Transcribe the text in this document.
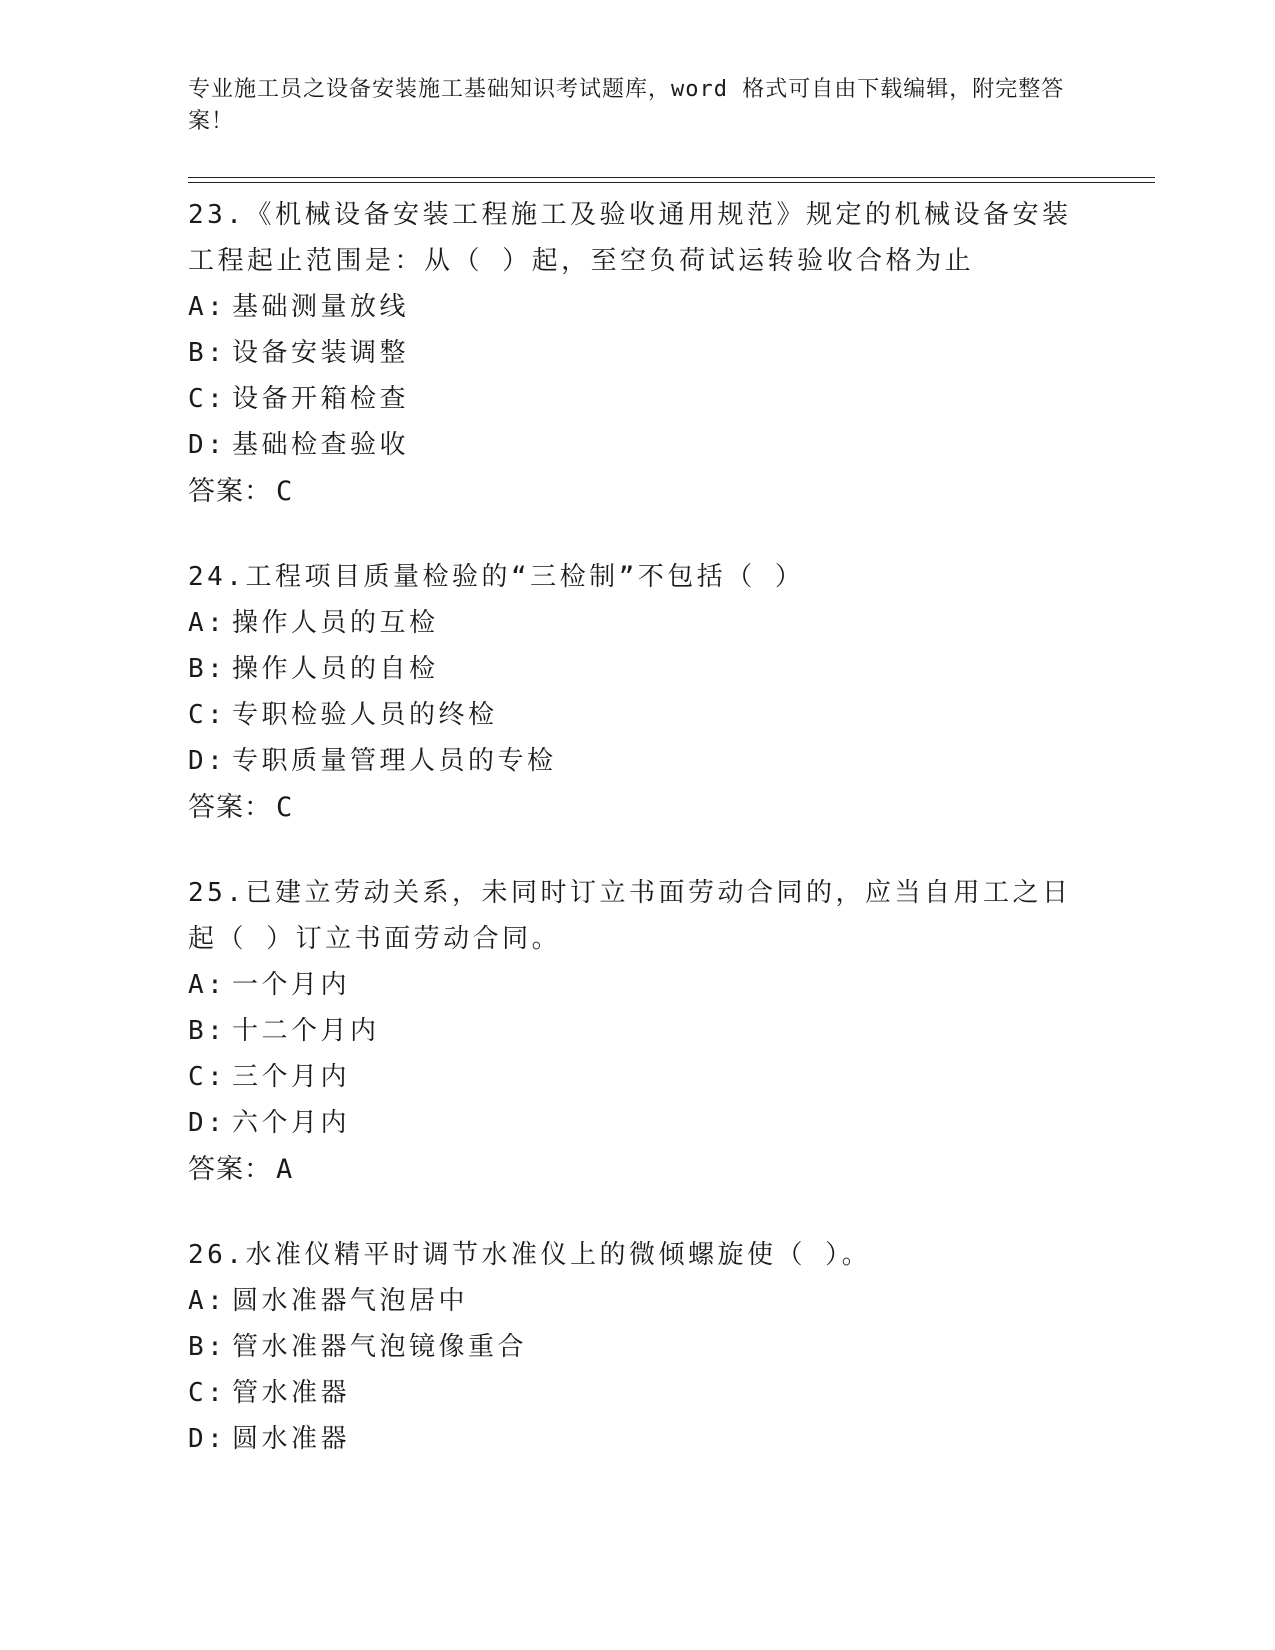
专业施工员之设备安装施工基础知识考试题库，word 格式可自由下载编辑，附完整答案！

23.《机械设备安装工程施工及验收通用规范》规定的机械设备安装工程起止范围是：从（ ）起，至空负荷试运转验收合格为止

A: 基础测量放线
B: 设备安装调整
C: 设备开箱检查
D: 基础检查验收
答案： C

24.工程项目质量检验的“三检制”不包括（ ）

A: 操作人员的互检
B: 操作人员的自检
C: 专职检验人员的终检
D: 专职质量管理人员的专检
答案： C

25.已建立劳动关系，未同时订立书面劳动合同的，应当自用工之日起（ ）订立书面劳动合同。

A: 一个月内
B: 十二个月内
C: 三个月内
D: 六个月内
答案： A

26.水准仪精平时调节水准仪上的微倾螺旋使（ ）。

A: 圆水准器气泡居中
B: 管水准器气泡镜像重合
C: 管水准器
D: 圆水准器
